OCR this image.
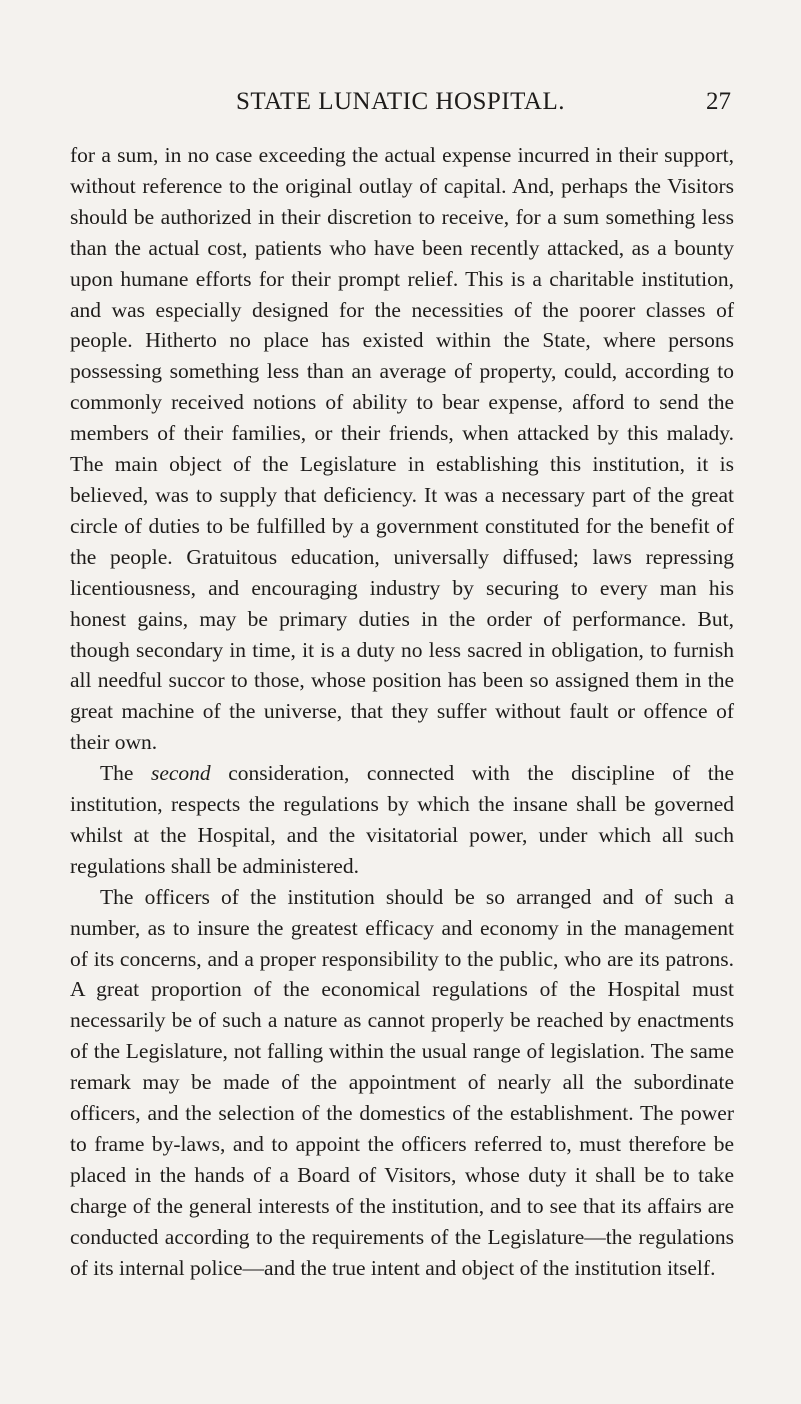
STATE LUNATIC HOSPITAL.	27

for a sum, in no case exceeding the actual expense incurred in their support, without reference to the original outlay of capital. And, perhaps the Visitors should be authorized in their discretion to receive, for a sum something less than the actual cost, patients who have been recently attacked, as a bounty upon humane efforts for their prompt relief. This is a charitable institution, and was especially designed for the necessities of the poorer classes of people. Hitherto no place has existed within the State, where persons possessing something less than an average of property, could, according to commonly received notions of ability to bear expense, afford to send the members of their families, or their friends, when attacked by this malady. The main object of the Legislature in establishing this institution, it is believed, was to supply that deficiency. It was a necessary part of the great circle of duties to be fulfilled by a government constituted for the benefit of the people. Gratuitous education, universally diffused; laws repressing licentiousness, and encouraging industry by securing to every man his honest gains, may be primary duties in the order of performance. But, though secondary in time, it is a duty no less sacred in obligation, to furnish all needful succor to those, whose position has been so assigned them in the great machine of the universe, that they suffer without fault or offence of their own.

The second consideration, connected with the discipline of the institution, respects the regulations by which the insane shall be governed whilst at the Hospital, and the visitatorial power, under which all such regulations shall be administered.

The officers of the institution should be so arranged and of such a number, as to insure the greatest efficacy and economy in the management of its concerns, and a proper responsibility to the public, who are its patrons. A great proportion of the economical regulations of the Hospital must necessarily be of such a nature as cannot properly be reached by enactments of the Legislature, not falling within the usual range of legislation. The same remark may be made of the appointment of nearly all the subordinate officers, and the selection of the domestics of the establishment. The power to frame by-laws, and to appoint the officers referred to, must therefore be placed in the hands of a Board of Visitors, whose duty it shall be to take charge of the general interests of the institution, and to see that its affairs are conducted according to the requirements of the Legislature—the regulations of its internal police—and the true intent and object of the institution itself.
